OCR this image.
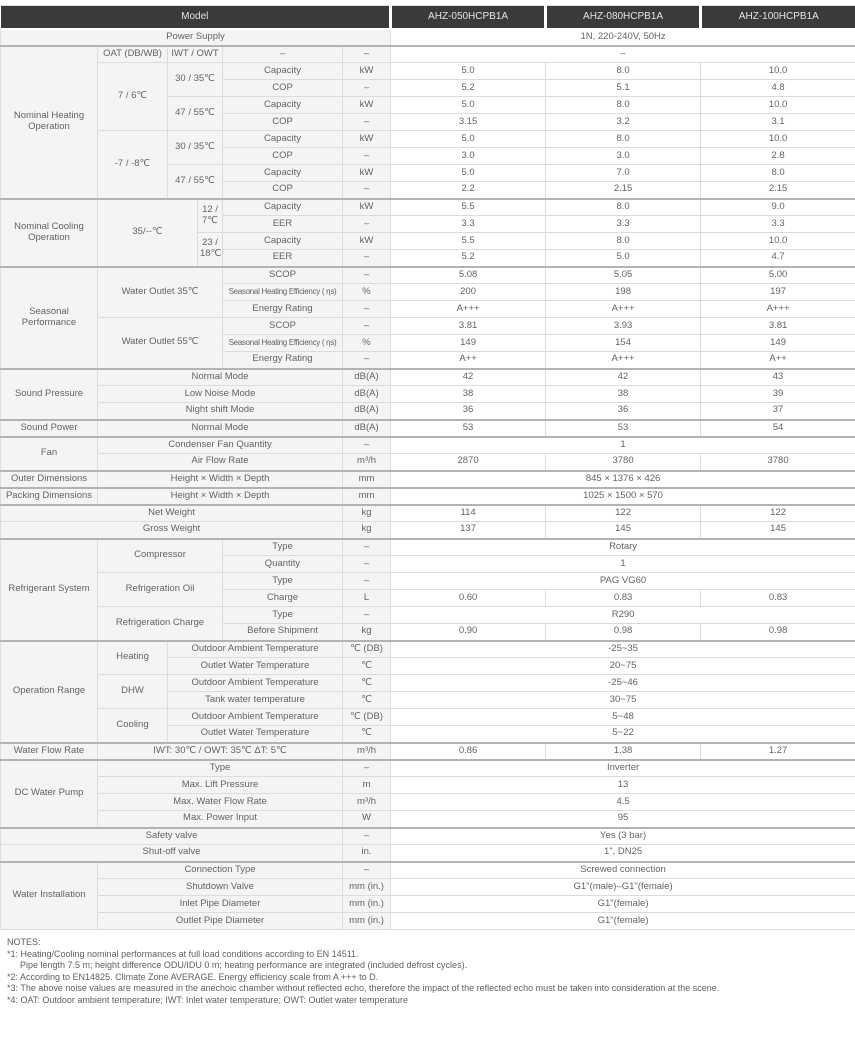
Model						AHZ-050HCPB1A	AHZ-080HCPB1A	AHZ-100HCPB1A
Power Supply						1N, 220-240V, 50Hz		
Nominal Heating Operation	OAT (DB/WB)	IWT / OWT		–	–	–		
	7 / 6℃	30 / 35℃		Capacity	kW	5.0	8.0	10.0
				COP	–	5.2	5.1	4.8
		47 / 55℃		Capacity	kW	5.0	8.0	10.0
				COP	–	3.15	3.2	3.1
	-7 / -8℃	30 / 35℃		Capacity	kW	5.0	8.0	10.0
				COP	–	3.0	3.0	2.8
		47 / 55℃		Capacity	kW	5.0	7.0	8.0
				COP	–	2.2	2.15	2.15
Nominal Cooling Operation	35/--℃		12 / 7℃	Capacity	kW	5.5	8.0	9.0
				EER	–	3.3	3.3	3.3
			23 / 18℃	Capacity	kW	5.5	8.0	10.0
				EER	–	5.2	5.0	4.7
Seasonal Performance	Water Outlet 35℃			SCOP	–	5.08	5.05	5.00
				Seasonal Heating Efficiency ( ηs)	%	200	198	197
				Energy Rating	–	A+++	A+++	A+++
	Water Outlet 55℃			SCOP	–	3.81	3.93	3.81
				Seasonal Heating Efficiency ( ηs)	%	149	154	149
				Energy Rating	–	A++	A+++	A++
Sound Pressure	Normal Mode				dB(A)	42	42	43
	Low Noise Mode				dB(A)	38	38	39
	Night shift Mode				dB(A)	36	36	37
Sound Power	Normal Mode				dB(A)	53	53	54
Fan	Condenser Fan Quantity				–	1		
	Air Flow Rate				m³/h	2870	3780	3780
Outer Dimensions	Height × Width × Depth				mm	845 × 1376 × 426		
Packing Dimensions	Height × Width × Depth				mm	1025 × 1500 × 570		
Net Weight					kg	114	122	122
Gross Weight					kg	137	145	145
Refrigerant System	Compressor			Type	–	Rotary		
				Quantity	–	1		
	Refrigeration Oil			Type	–	PAG VG60		
				Charge	L	0.60	0.83	0.83
	Refrigeration Charge			Type	–	R290		
				Before Shipment	kg	0.90	0.98	0.98
Operation Range	Heating	Outdoor Ambient Temperature			℃ (DB)	-25~35		
		Outlet Water Temperature			℃	20~75		
	DHW	Outdoor Ambient Temperature			℃	-25~46		
		Tank water temperature			℃	30~75		
	Cooling	Outdoor Ambient Temperature			℃ (DB)	5~48		
		Outlet Water Temperature			℃	5~22		
Water Flow Rate	IWT: 30℃ / OWT: 35℃ ΔT: 5℃				m³/h	0.86	1.38	1.27
DC Water Pump	Type				–	Inverter		
	Max. Lift Pressure				m	13		
	Max. Water Flow Rate				m³/h	4.5		
	Max. Power Input				W	95		
Safety valve					–	Yes (3 bar)		
Shut-off valve					in.	1", DN25		
Water Installation	Connection Type				–	Screwed connection		
	Shutdown Valve				mm (in.)	G1"(male)–G1"(female)		
	Inlet Pipe Diameter				mm (in.)	G1"(female)		
	Outlet Pipe Diameter				mm (in.)	G1"(female)		
NOTES:
*1: Heating/Cooling nominal performances at full load conditions according to EN 14511.
Pipe length 7.5 m; height difference ODU/IDU 0 m; heating performance are integrated (included defrost cycles).
*2: According to EN14825. Climate Zone AVERAGE. Energy efficiency scale from A +++ to D.
*3: The above noise values are measured in the anechoic chamber without reflected echo, therefore the impact of the reflected echo must be taken into consideration at the scene.
*4: OAT: Outdoor ambient temperature; IWT: Inlet water temperature; OWT: Outlet water temperature
